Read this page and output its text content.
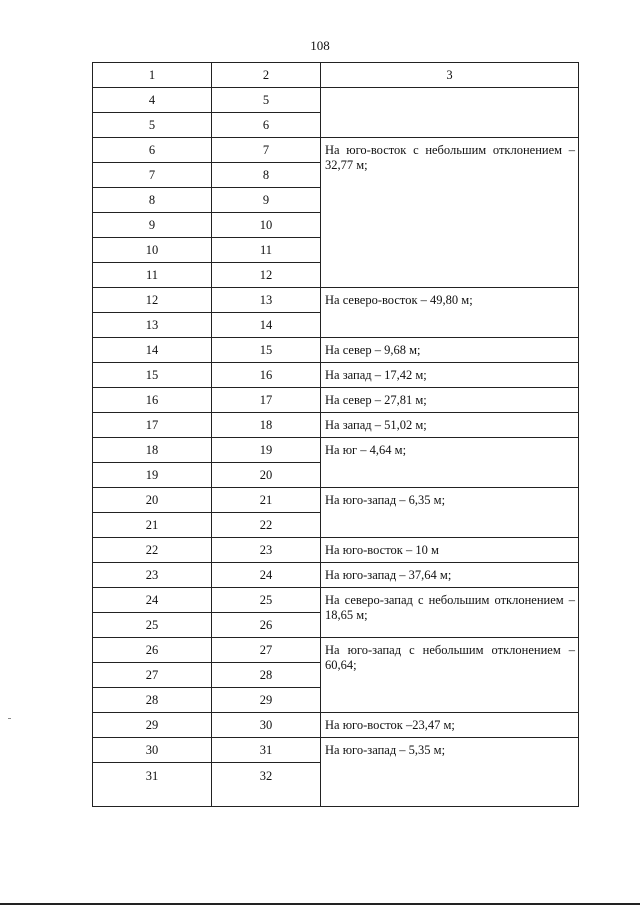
108
1	2	3
4	5	
5	6	
6	7	На юго-восток с небольшим отклонением –
32,77 м;

7	8	
8	9	
9	10	
10	11	
11	12	
12	13	На северо-восток – 49,80 м;
13	14	
14	15	На север – 9,68 м;
15	16	На запад – 17,42 м;
16	17	На север – 27,81 м;
17	18	На запад – 51,02 м;
18	19	На юг – 4,64 м;
19	20	
20	21	На юго-запад – 6,35 м;
21	22	
22	23	На юго-восток – 10 м
23	24	На юго-запад – 37,64 м;
24	25	На северо-запад с небольшим отклонением –
18,65 м;

25	26	
26	27	На юго-запад с небольшим отклонением –
60,64;

27	28	
28	29	
29	30	На юго-восток –23,47 м;
30	31	На юго-запад – 5,35 м;
31	32	
